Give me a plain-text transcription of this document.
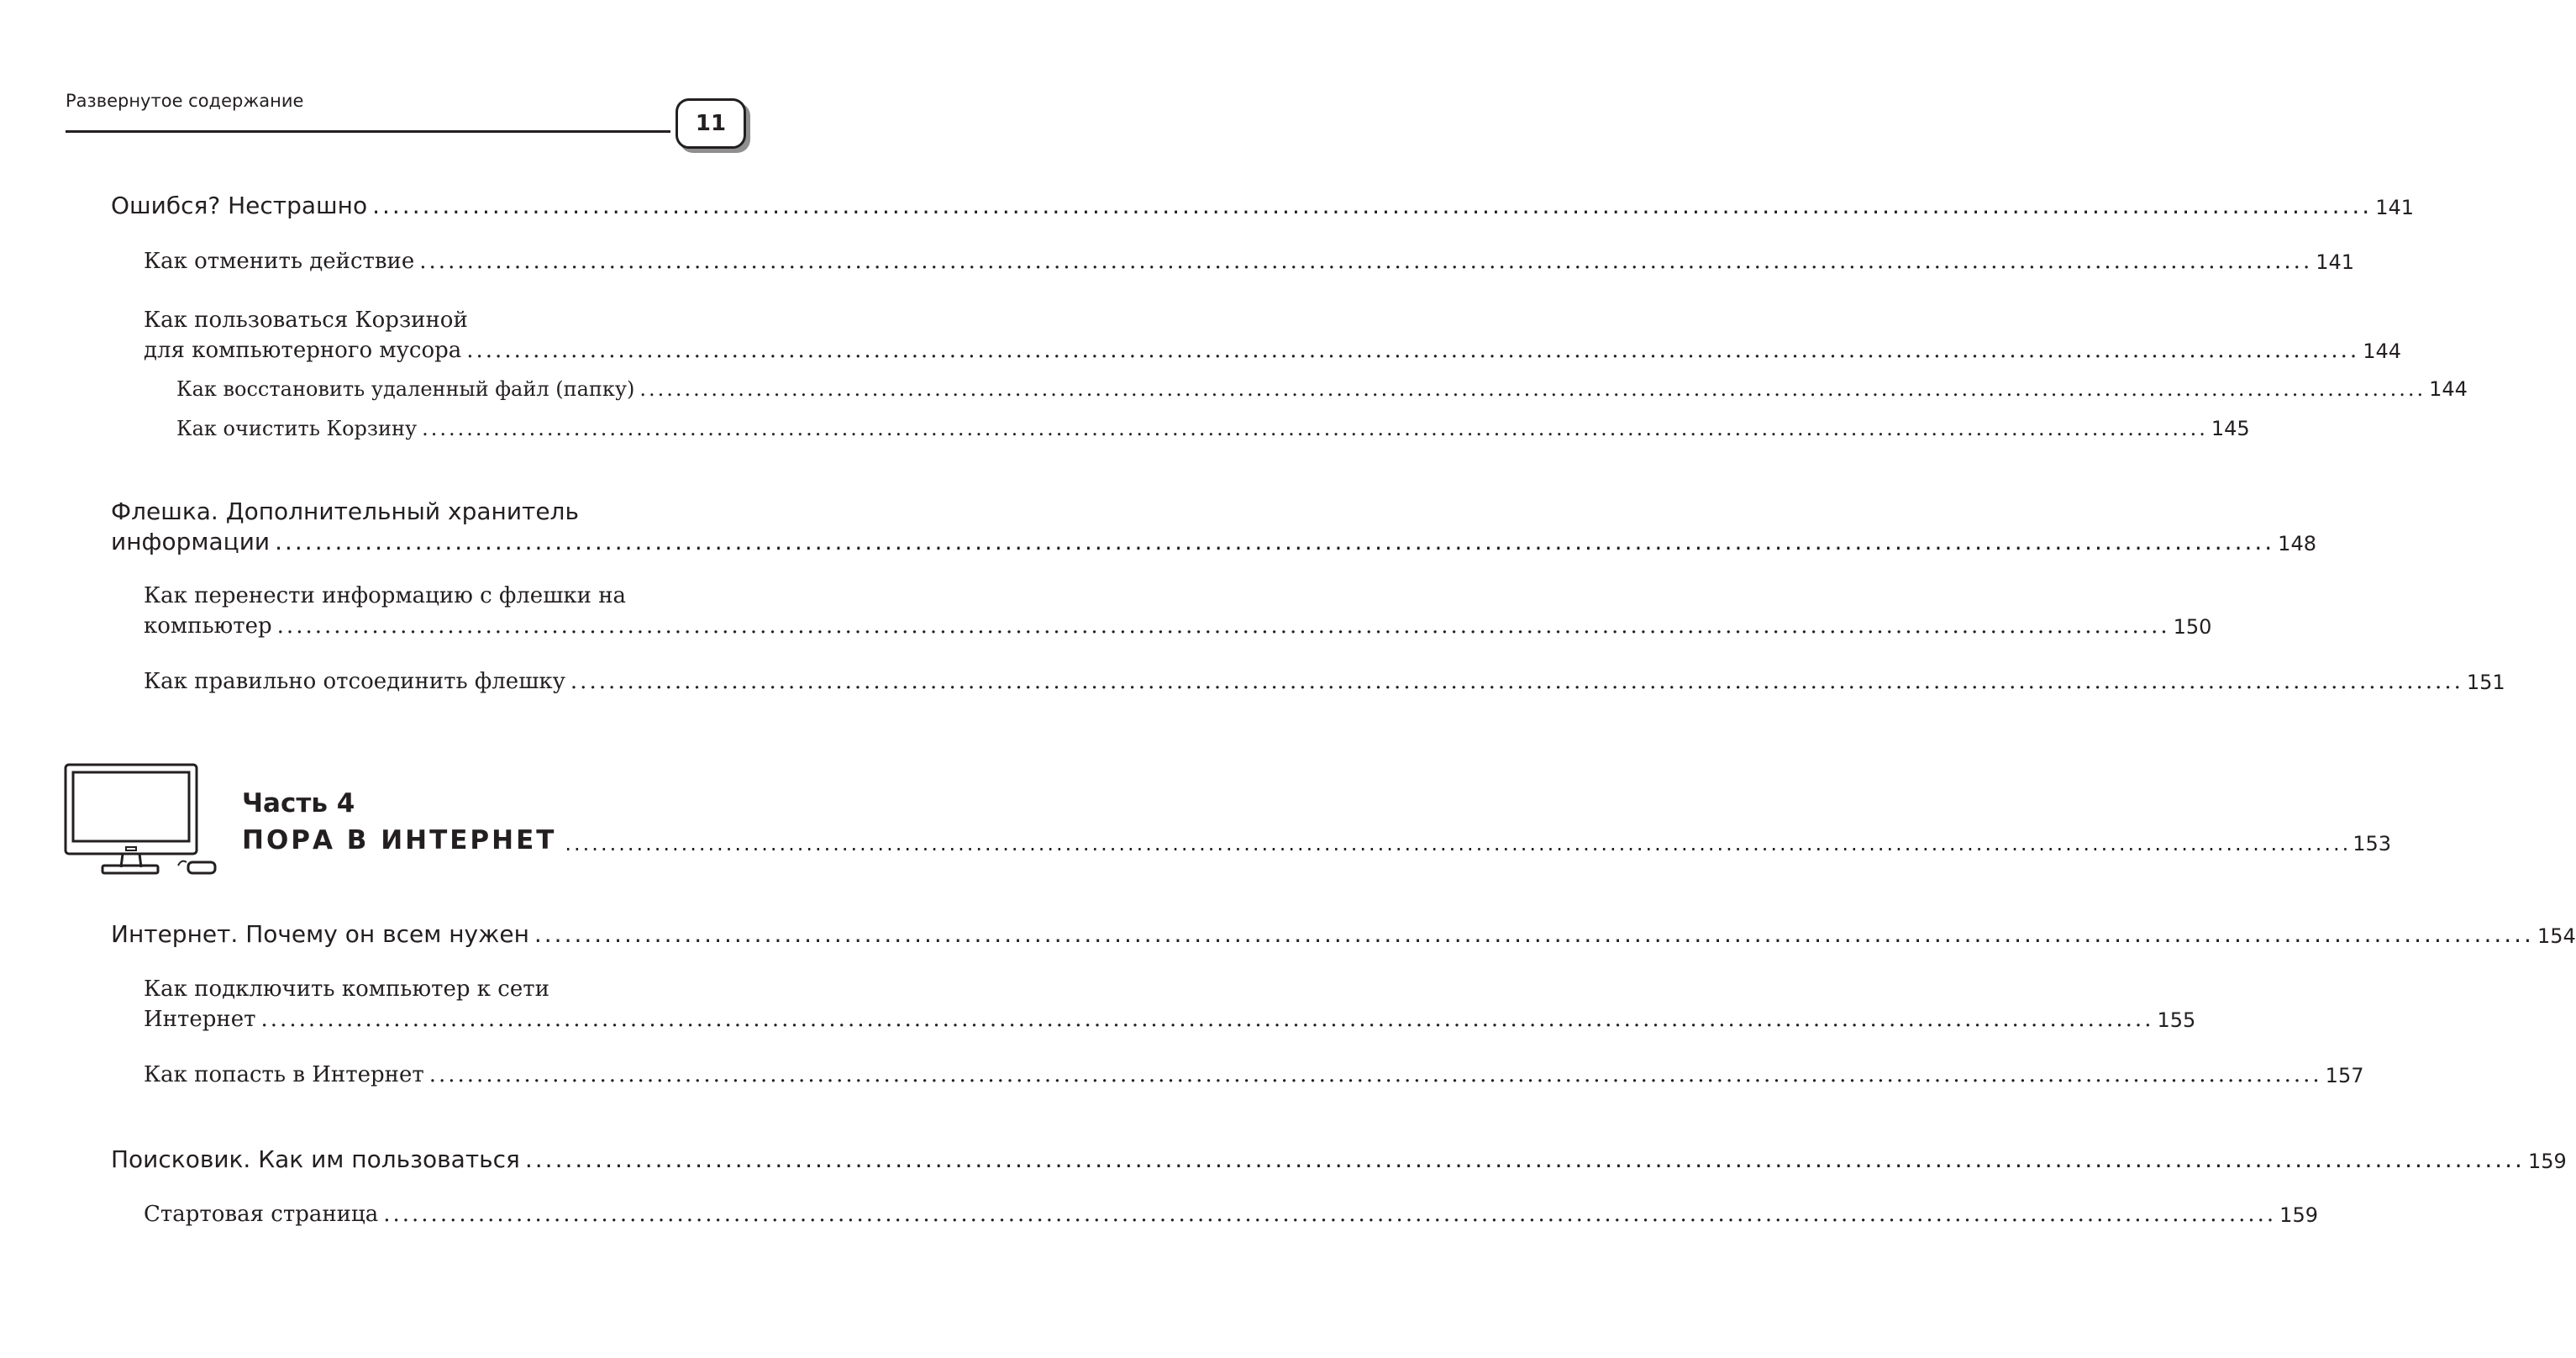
Развернутое содержание
11
Ошибся? Нестрашно ........................................................................................................................................................................................................ 141
Как отменить действие ........................................................................................................................................................................................................ 141
Как пользоваться Корзиной
для компьютерного мусора ........................................................................................................................................................................................................ 144
Как восстановить удаленный файл (папку) ........................................................................................................................................................................................................ 144
Как очистить Корзину ........................................................................................................................................................................................................ 145
Флешка. Дополнительный хранитель
информации ........................................................................................................................................................................................................ 148
Как перенести информацию с флешки на
компьютер ........................................................................................................................................................................................................ 150
Как правильно отсоединить флешку ........................................................................................................................................................................................................ 151
Часть 4
ПОРА В ИНТЕРНЕТ ........................................................................................................................................................................................................ 153
Интернет. Почему он всем нужен ........................................................................................................................................................................................................ 154
Как подключить компьютер к сети
Интернет ........................................................................................................................................................................................................ 155
Как попасть в Интернет ........................................................................................................................................................................................................ 157
Поисковик. Как им пользоваться ........................................................................................................................................................................................................ 159
Стартовая страница ........................................................................................................................................................................................................ 159
